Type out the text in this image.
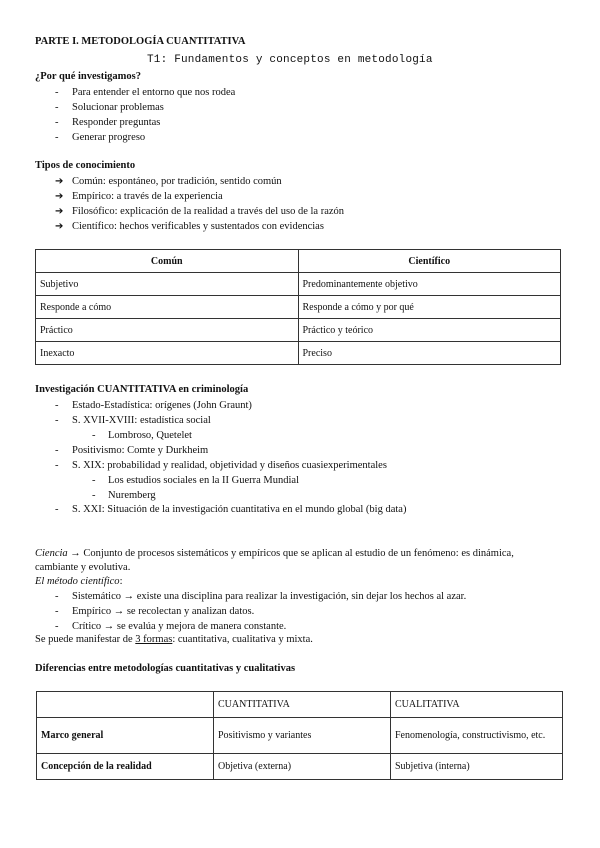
PARTE I. METODOLOGÍA CUANTITATIVA
T1: Fundamentos y conceptos en metodología
¿Por qué investigamos?
- Para entender el entorno que nos rodea
- Solucionar problemas
- Responder preguntas
- Generar progreso
Tipos de conocimiento
➔ Común: espontáneo, por tradición, sentido común
➔ Empírico: a través de la experiencia
➔ Filosófico: explicación de la realidad a través del uso de la razón
➔ Científico: hechos verificables y sustentados con evidencias
Común	Científico
Subjetivo	Predominantemente objetivo
Responde a cómo	Responde a cómo y por qué
Práctico	Práctico y teórico
Inexacto	Preciso
Investigación CUANTITATIVA en criminología
- Estado-Estadística: orígenes (John Graunt)
- S. XVII-XVIII: estadística social
- Lombroso, Quetelet
- Positivismo: Comte y Durkheim
- S. XIX: probabilidad y realidad, objetividad y diseños cuasiexperimentales
- Los estudios sociales en la II Guerra Mundial
- Nuremberg
- S. XXI: Situación de la investigación cuantitativa en el mundo global (big data)
Ciencia → Conjunto de procesos sistemáticos y empíricos que se aplican al estudio de un fenómeno: es dinámica,
cambiante y evolutiva.
El método científico:
- Sistemático → existe una disciplina para realizar la investigación, sin dejar los hechos al azar.
- Empírico → se recolectan y analizan datos.
- Crítico → se evalúa y mejora de manera constante.
Se puede manifestar de 3 formas: cuantitativa, cualitativa y mixta.
Diferencias entre metodologías cuantitativas y cualitativas
	CUANTITATIVA	CUALITATIVA
Marco general	Positivismo y variantes	Fenomenología, constructivismo, etc.
Concepción de la realidad	Objetiva (externa)	Subjetiva (interna)
